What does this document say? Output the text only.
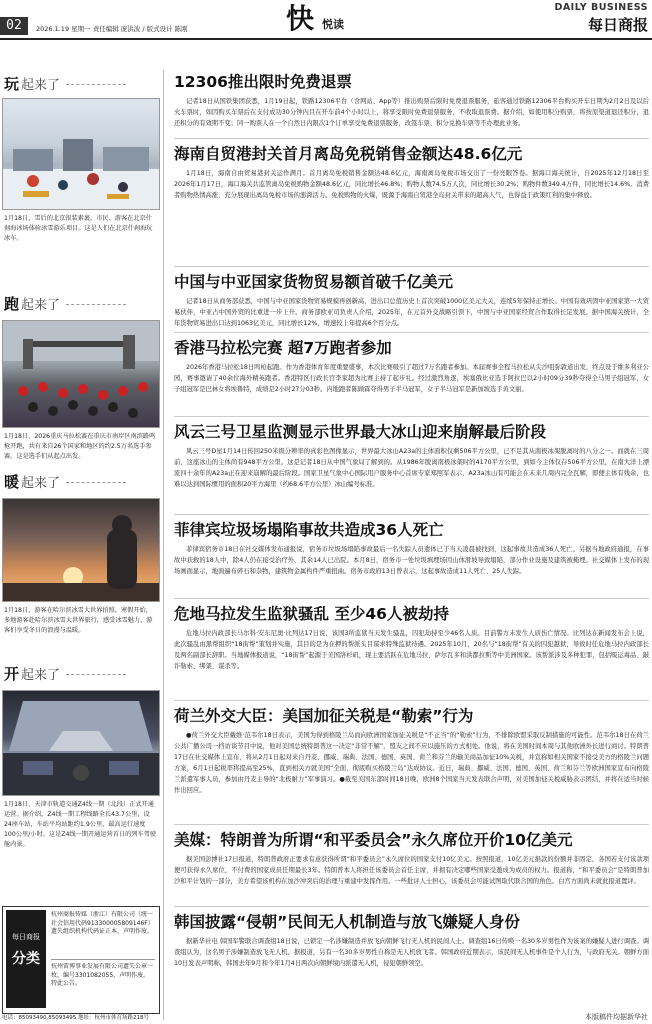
02	2026.1.19 星期一 责任编辑 庞洪波 / 版式设计 陈刚	快 悦读
DAILY BUSINESS
每日商报
玩 起来了
1月18日，雪后的北京银装素裹，市民、游客在北京什刹海冰场体验冰雪游乐项目。这是人们在北京什刹海玩冰车。
跑 起来了
1月18日，2026重庆马拉松赛在重庆市南岸区南滨路鸣枪开跑，共有来自26个国家和地区的约2.5万名选手参赛。这是选手们从起点出发。
暖 起来了
1月18日，游客在哈尔滨冰雪大世界拍照。寒假开始，多地游客赴哈尔滨冰雪大世界旅行，感受冰雪魅力，游客们享受冬日的浪漫与温暖。
开 起来了
1月18日，天津市轨道交通Z4线一期（北段）正式开通运营。据介绍，Z4线一期工程线路全长43.7公里，设24座车站，车站平均站距约1.9公里，最高运行速度100公里/小时。这是Z4线一期开通运营首日的列车驾驶舱内景。
每日商报
分类
杭州商报传媒（浙江）有限公司（统一社会信用代码913300005809146F）遗失组织机构代码证正本，声明作废。
杭州雷博事业发展有限公司遗失公章一枚，编号3301082055，声明作废。特此公告。
电话：85093490,85093495 地址：杭州市体育场路218号
12306推出限时免费退票

记者18日从国铁集团获悉，1月19日起，铁路12306平台（含网站、App等）推出购票后限时免费退票服务，旅客通过铁路12306平台购买开车日期为2月2日及以后火车票时，如因购买车票后在支付成功30分钟内且在开车前4个小时以上，将享受限时免费退票服务，不收取退票费。据介绍，如使用积分购票，将按原渠道退还积分，退还积分的有效期不变；同一购票人在一个自然日内限次1个订单享受免费退票服务，改签车票、积分兑换车票等不办理此业务。

海南自贸港封关首月离岛免税销售金额达48.6亿元

1月18日，海南自由贸易港封关运作满月。首月离岛免税销售金额达48.6亿元，海南离岛免税市场交出了一份亮眼答卷。据海口海关统计，自2025年12月18日至2026年1月17日，海口海关共监管离岛免税购物金额48.6亿元，同比增长46.8%；购物人数74.5万人次，同比增长30.2%；购物件数349.4万件，同比增长14.6%。消费者购物热情高涨，充分展现出离岛免税市场的澎湃活力。免税购物的火爆，既源于海南自贸港全岛封关带来的超高人气，也得益于政策红利的集中释放。

中国与中亚国家货物贸易额首破千亿美元

记者18日从商务部获悉，中国与中亚国家货物贸易规模再创新高，进出口总值历史上首次突破1000亿美元大关，连续5年保持正增长。中国有效巩固中亚国家第一大贸易伙伴，中亚占中国外贸的比重进一步上升。商务部欧亚司负责人介绍，2025年，在元首外交战略引领下，中国与中亚国家经贸合作取得长足发展。据中国海关统计，全年货物贸易进出口达到1063亿美元，同比增长12%，增速较上年提高6个百分点。

香港马拉松完赛 超7万跑者参加

2026年香港马拉松18日鸣枪起跑。作为香港体育年度重要盛事，本次比赛吸引了超过7万名跑者参加。本届赛事全程马拉松从尖沙咀弥敦道出发，终点设于维多利亚公园，赛事邀请了40余位海外精英跑者。香港特区行政长官李家超为比赛主持了起步礼。经过激烈角逐，埃塞俄比亚选手阿拉巴以2小时09分39秒夺得全马男子组冠军，女子组冠军是巴林女将埃鲁特，成绩是2小时27分03秒。内地跑者陈顾霖夺得男子半马冠军，女子半马冠军是新加坡选手黄文丽。

风云三号卫星监测显示世界最大冰山迎来崩解最后阶段

风云三号D星1月14日传回250米级分辨率的真彩色图像显示，世界最大冰山A23a的主体面积仅剩506平方公里，已不足其从南极冰架脱离时的八分之一。而就在三周前，这座冰山的主体尚有948平方公里。这是记者18日从中国气象局了解到的。从1986年脱离南极冰架时的4170平方公里，到如今主体仅存506平方公里，在南大洋上漂流四十余年的A23a正在迎来崩解的最后阶段。国家卫星气象中心国际用户服务中心首席专家郑照军表示，A23a冰山有可能会在未来几周内完全瓦解，即便主体有残余，也难以达到国际惯用的面积20平方海里（约68.6平方公里）冰山编号标准。

菲律宾垃圾场塌陷事故共造成36人死亡

菲律宾宿务市18日在社交媒体发布通报说，宿务市垃圾场塌陷事故最后一名失踪人员遗体已于当天凌晨被找到，这起事故共造成36人死亡。另据当地政府通报，在事故中获救的18人中，除4人仍在接受治疗外，其余14人已出院。本月8日，宿务市一处垃圾填埋场因山体滑坡导致塌陷，部分作业设施及建筑被掩埋。社交媒体上发布的现场画面显示，地面遍布碎石和杂物，建筑物金属构件严重扭曲。宿务市政府13日曾表示，这起事故造成11人死亡、25人失踪。

危地马拉发生监狱骚乱 至少46人被劫持

危地马拉内政部长马尔科·安东尼奥·比列达17日说，该国3所监狱当天发生骚乱，囚犯劫持至少46名人质。目前警方未发生人质伤亡情况。比列达在新闻发布会上说，此次骚乱由黑帮组织“18街帮”策划并实施，其目的是为在押的帮派头目谋求特殊监狱待遇。2025年10月，20名与“18街帮”有关的囚犯越狱，导致时任危地马拉内政部长及两名副部长辞职。当地媒体报道说，“18街帮”起源于美国洛杉矶，现主要活跃在危地马拉、萨尔瓦多和洪都拉斯等中美洲国家。该帮派涉及多种犯罪，包括贩运毒品、敲诈勒索、绑架、谋杀等。

荷兰外交大臣：美国加征关税是“勒索”行为

●荷兰外交大臣戴维·范韦尔18日表示，美国为得到格陵兰岛而向欧洲国家加征关税是“不正当”的“勒索”行为，不排除欧盟采取反制措施的可能性。范韦尔18日在荷兰公共广播公司一档访谈节目中说，他对美国总统特朗普这一决定“非常不解”，盟友之间不应以施压的方式相处。他说，将在美国时间本周与其他欧洲外长进行商讨。特朗普17日在社交媒体上宣布，将从2月1日起对来自丹麦、挪威、瑞典、法国、德国、英国、荷兰和芬兰的输美商品加征10%关税，并宣称如相关国家不接受美方的格陵兰问题方案，6月1日起税率将提高至25%，直到相关方就美国“全面、彻底购买格陵兰岛”达成协议。近日，瑞典、挪威、法国、德国、英国、荷兰和芬兰等欧洲国家宣布向格陵兰派遣军事人员，参加由丹麦主导的“北极耐力”军事演习。●截至美国东部时间18日晚，欧洲8个国家当天发表联合声明，对美国加征关税威胁表示团结，并将在适当时候作出回应。

美媒：特朗普为所谓“和平委员会”永久席位开价10亿美元

据美国彭博社17日报道，特朗普政府正要求有意获得所谓“和平委员会”永久席位的国家支付10亿美元。按照报道，10亿美元捐款的份额并非固定，各国若支付该款项便可获得永久席位，不付费的国家成员任期最长3年。特朗普本人将担任该委员会首任主席，并拥有决定哪些国家受邀成为成员的权力。报道称，“和平委员会”是特朗普加沙和平计划的一部分，美方希望该机构在加沙冲突后的治理与重建中发挥作用。一些批评人士担心，该委员会可能试图取代联合国的角色。白宫方面尚未就此报道置评。

韩国披露“侵朝”民间无人机制造与放飞嫌疑人身份

据新华社电 韩国军警联合调查组18日说，已锁定一名涉嫌制造并放飞向朝鲜飞行无人机的民间人士。调查组16日传唤一名30多岁男性作为该案的嫌疑人进行调查。调查组认为，这名男子涉嫌制造放飞无人机。据报道，另有一名30多岁男性自称是无人机放飞者。韩国政府近期表示，该民间无人机事件是个人行为，与政府无关。朝鲜方面10日发表声明称，韩国去年9月和今年1月4日两次向朝鲜境内派遣无人机，侵犯朝鲜领空。

本版稿件均据新华社
